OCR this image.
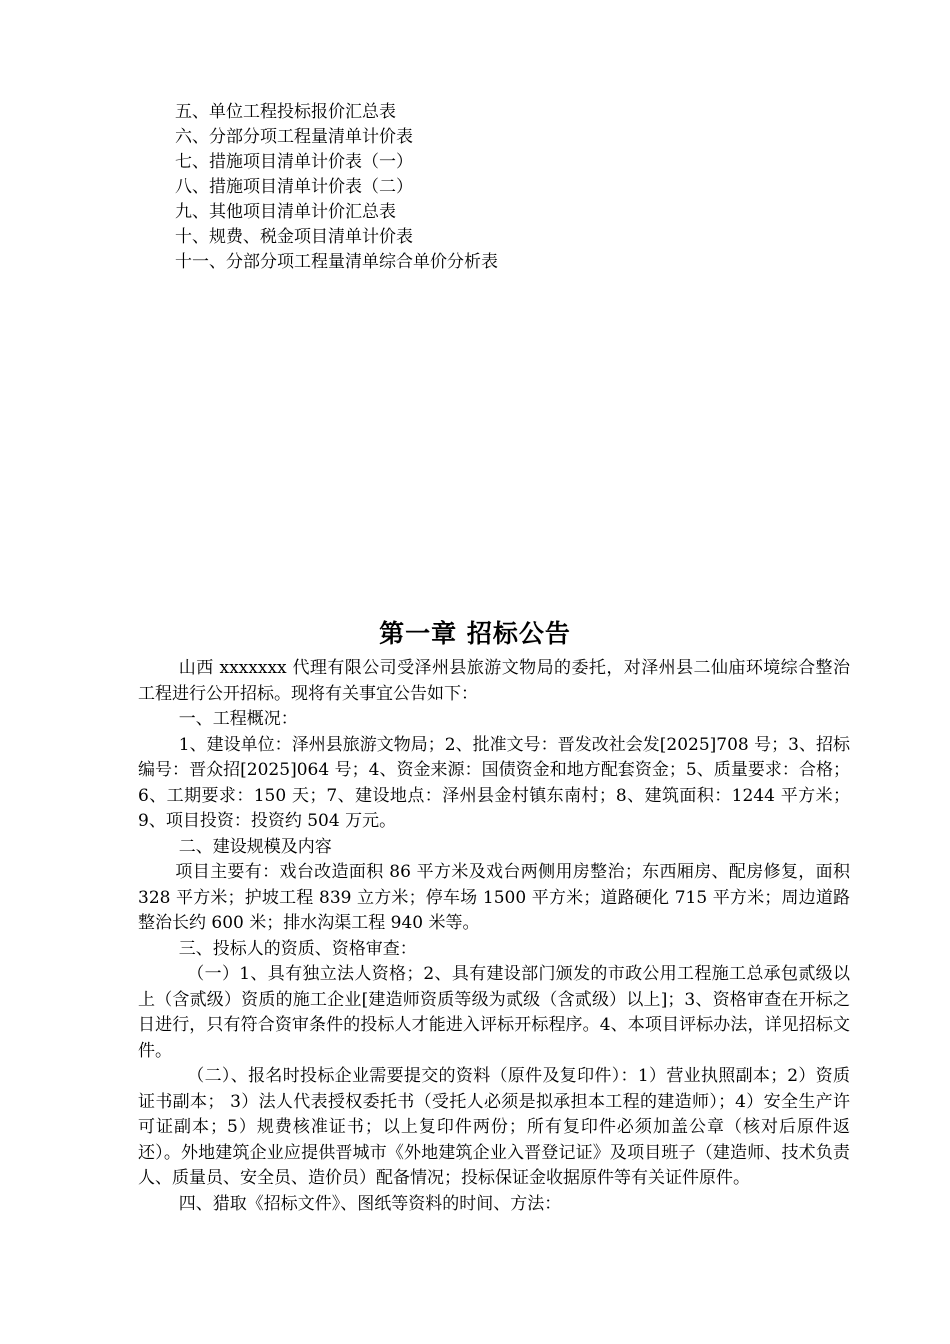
五、单位工程投标报价汇总表
六、分部分项工程量清单计价表
七、措施项目清单计价表（一）
八、措施项目清单计价表（二）
九、其他项目清单计价汇总表
十、规费、税金项目清单计价表
十一、分部分项工程量清单综合单价分析表
第一章 招标公告

山西 xxxxxxx 代理有限公司受泽州县旅游文物局的委托，对泽州县二仙庙环境综合整治工程进行公开招标。现将有关事宜公告如下：

一、工程概况：

1、建设单位：泽州县旅游文物局；2、批准文号：晋发改社会发[2025]708 号；3、招标编号：晋众招[2025]064 号；4、资金来源：国债资金和地方配套资金；5、质量要求：合格；6、工期要求：150 天；7、建设地点：泽州县金村镇东南村；8、建筑面积：1244 平方米；9、项目投资：投资约 504 万元。

二、建设规模及内容

项目主要有：戏台改造面积 86 平方米及戏台两侧用房整治；东西厢房、配房修复，面积 328 平方米；护坡工程 839 立方米；停车场 1500 平方米；道路硬化 715 平方米；周边道路整治长约 600 米；排水沟渠工程 940 米等。

三、投标人的资质、资格审查：

（一）1、具有独立法人资格；2、具有建设部门颁发的市政公用工程施工总承包贰级以上（含贰级）资质的施工企业[建造师资质等级为贰级（含贰级）以上]；3、资格审查在开标之日进行，只有符合资审条件的投标人才能进入评标开标程序。4、本项目评标办法，详见招标文件。

（二）、报名时投标企业需要提交的资料（原件及复印件）：1）营业执照副本；2）资质证书副本； 3）法人代表授权委托书（受托人必须是拟承担本工程的建造师）；4）安全生产许可证副本；5）规费核准证书；以上复印件两份；所有复印件必须加盖公章（核对后原件返还）。外地建筑企业应提供晋城市《外地建筑企业入晋登记证》及项目班子（建造师、技术负责人、质量员、安全员、造价员）配备情况；投标保证金收据原件等有关证件原件。

四、猎取《招标文件》、图纸等资料的时间、方法：
